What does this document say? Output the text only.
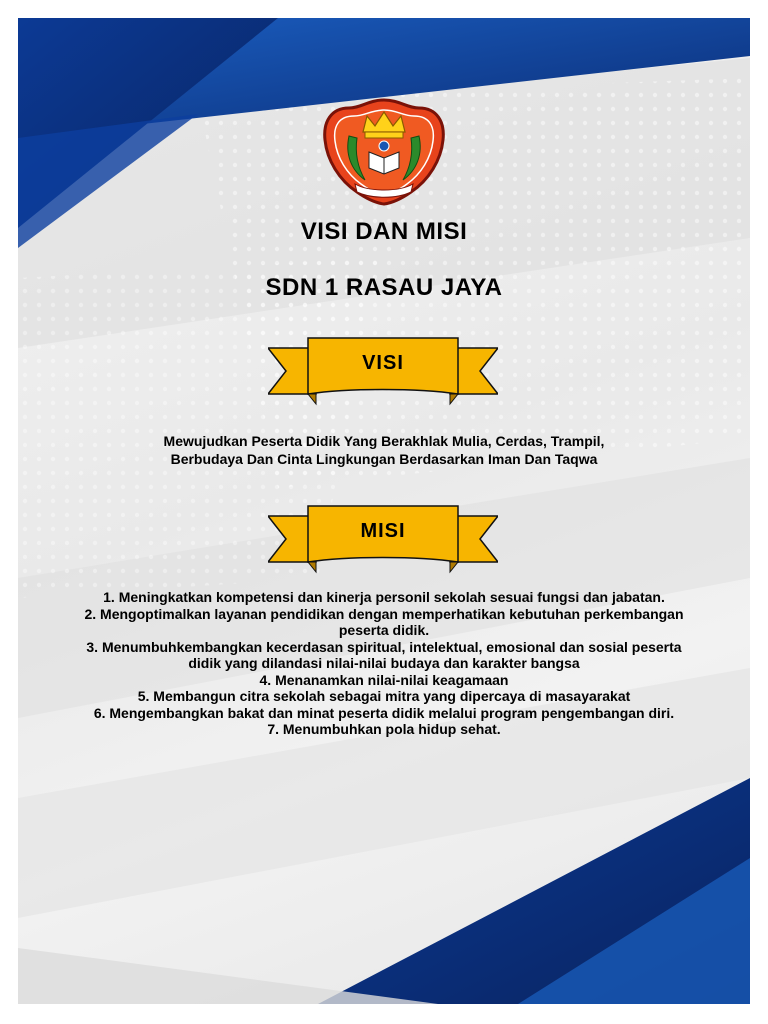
VISI DAN MISI
SDN 1 RASAU JAYA
VISI
Mewujudkan Peserta Didik Yang Berakhlak Mulia, Cerdas, Trampil,
Berbudaya Dan Cinta Lingkungan Berdasarkan Iman Dan Taqwa
MISI
1. Meningkatkan kompetensi dan kinerja personil sekolah sesuai fungsi dan jabatan.
2. Mengoptimalkan layanan pendidikan dengan memperhatikan kebutuhan perkembangan
peserta didik.
3. Menumbuhkembangkan kecerdasan spiritual, intelektual, emosional dan sosial peserta
didik yang dilandasi nilai-nilai budaya dan karakter bangsa
4. Menanamkan nilai-nilai keagamaan
5. Membangun citra sekolah sebagai mitra yang dipercaya di masayarakat
6. Mengembangkan bakat dan minat peserta didik melalui program pengembangan diri.
7. Menumbuhkan pola hidup sehat.
